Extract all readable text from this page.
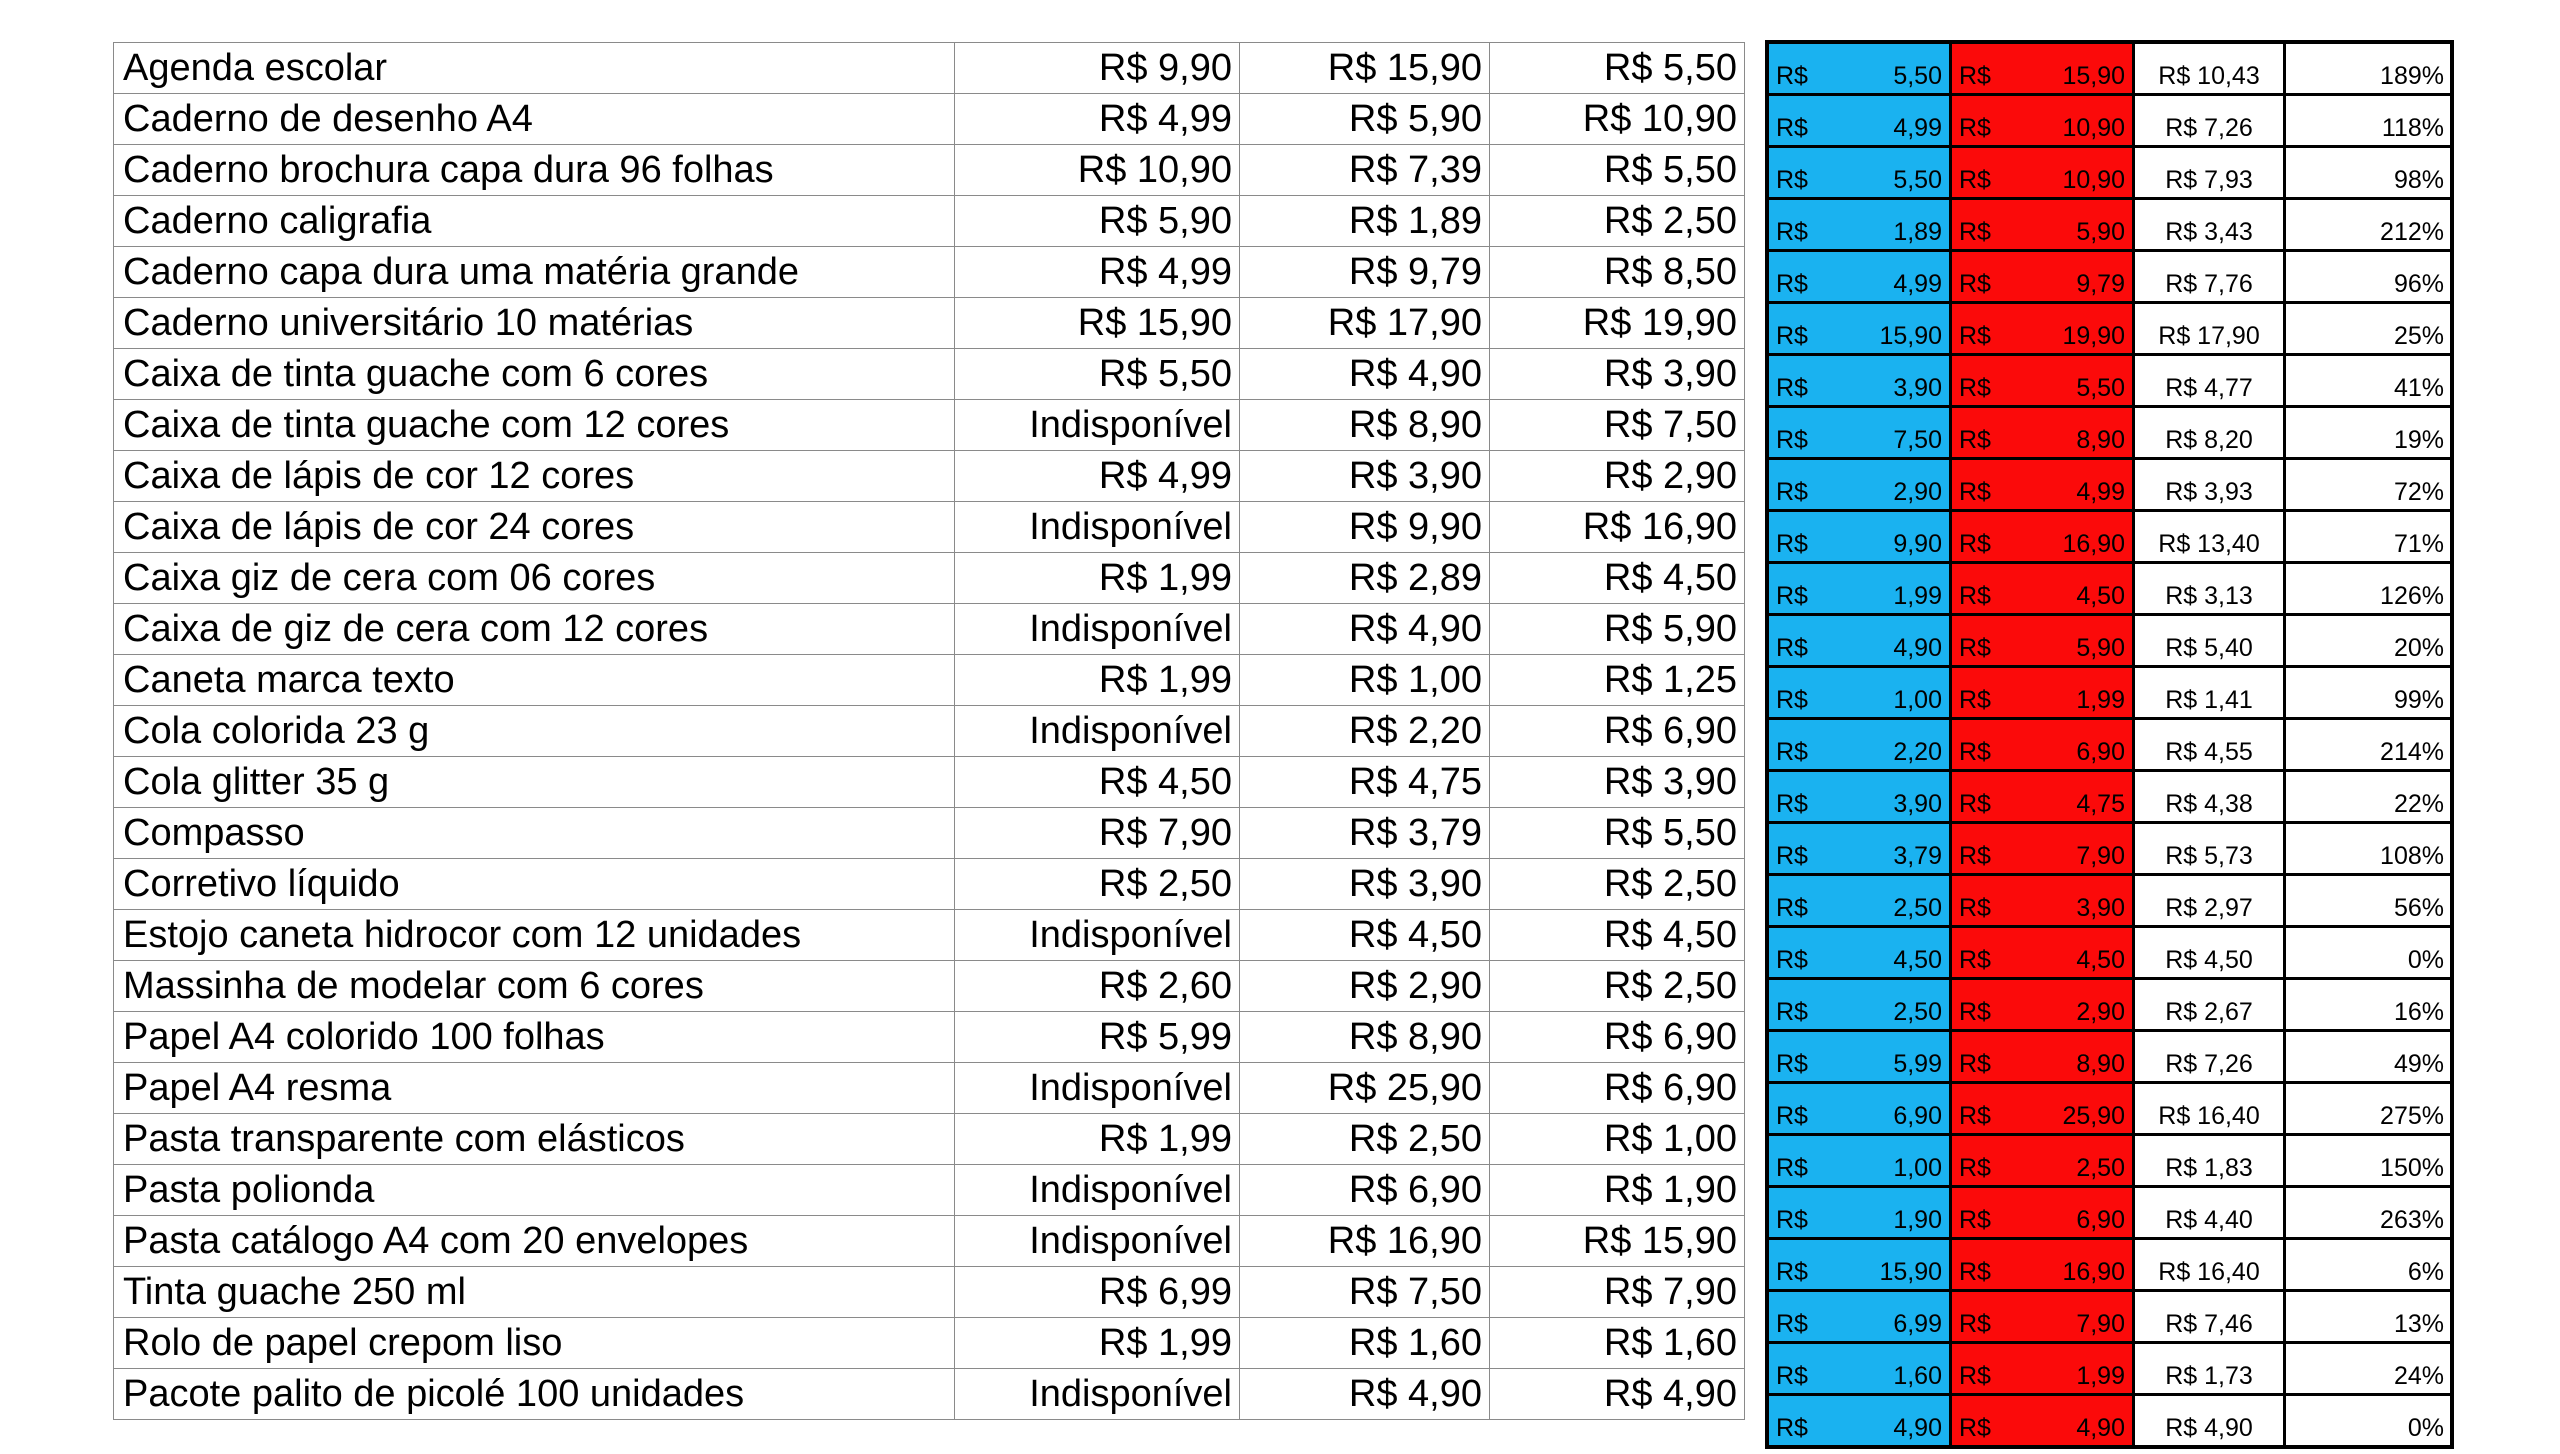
Agenda escolar	R$ 9,90	R$ 15,90	R$ 5,50
Caderno de desenho A4	R$ 4,99	R$ 5,90	R$ 10,90
Caderno brochura capa dura 96 folhas	R$ 10,90	R$ 7,39	R$ 5,50
Caderno caligrafia	R$ 5,90	R$ 1,89	R$ 2,50
Caderno capa dura uma matéria grande	R$ 4,99	R$ 9,79	R$ 8,50
Caderno universitário 10 matérias	R$ 15,90	R$ 17,90	R$ 19,90
Caixa de tinta guache com 6 cores	R$ 5,50	R$ 4,90	R$ 3,90
Caixa de tinta guache com 12 cores	Indisponível	R$ 8,90	R$ 7,50
Caixa de lápis de cor 12 cores	R$ 4,99	R$ 3,90	R$ 2,90
Caixa de lápis de cor 24 cores	Indisponível	R$ 9,90	R$ 16,90
Caixa giz de cera com 06 cores	R$ 1,99	R$ 2,89	R$ 4,50
Caixa de giz de cera com 12 cores	Indisponível	R$ 4,90	R$ 5,90
Caneta marca texto	R$ 1,99	R$ 1,00	R$ 1,25
Cola colorida 23 g	Indisponível	R$ 2,20	R$ 6,90
Cola glitter 35 g	R$ 4,50	R$ 4,75	R$ 3,90
Compasso	R$ 7,90	R$ 3,79	R$ 5,50
Corretivo líquido	R$ 2,50	R$ 3,90	R$ 2,50
Estojo caneta hidrocor com 12 unidades	Indisponível	R$ 4,50	R$ 4,50
Massinha de modelar com 6 cores	R$ 2,60	R$ 2,90	R$ 2,50
Papel A4 colorido 100 folhas	R$ 5,99	R$ 8,90	R$ 6,90
Papel A4 resma	Indisponível	R$ 25,90	R$ 6,90
Pasta transparente com elásticos	R$ 1,99	R$ 2,50	R$ 1,00
Pasta polionda	Indisponível	R$ 6,90	R$ 1,90
Pasta catálogo A4 com 20 envelopes	Indisponível	R$ 16,90	R$ 15,90
Tinta guache 250 ml	R$ 6,99	R$ 7,50	R$ 7,90
Rolo de papel crepom liso	R$ 1,99	R$ 1,60	R$ 1,60
Pacote palito de picolé 100 unidades	Indisponível	R$ 4,90	R$ 4,90
R$ 5,50	R$ 15,90	R$ 10,43	189%

R$ 4,99	R$ 10,90	R$ 7,26	118%

R$ 5,50	R$ 10,90	R$ 7,93	98%

R$ 1,89	R$ 5,90	R$ 3,43	212%

R$ 4,99	R$ 9,79	R$ 7,76	96%

R$ 15,90	R$ 19,90	R$ 17,90	25%

R$ 3,90	R$ 5,50	R$ 4,77	41%

R$ 7,50	R$ 8,90	R$ 8,20	19%

R$ 2,90	R$ 4,99	R$ 3,93	72%

R$ 9,90	R$ 16,90	R$ 13,40	71%

R$ 1,99	R$ 4,50	R$ 3,13	126%

R$ 4,90	R$ 5,90	R$ 5,40	20%

R$ 1,00	R$ 1,99	R$ 1,41	99%

R$ 2,20	R$ 6,90	R$ 4,55	214%

R$ 3,90	R$ 4,75	R$ 4,38	22%

R$ 3,79	R$ 7,90	R$ 5,73	108%

R$ 2,50	R$ 3,90	R$ 2,97	56%

R$ 4,50	R$ 4,50	R$ 4,50	0%

R$ 2,50	R$ 2,90	R$ 2,67	16%

R$ 5,99	R$ 8,90	R$ 7,26	49%

R$ 6,90	R$ 25,90	R$ 16,40	275%

R$ 1,00	R$ 2,50	R$ 1,83	150%

R$ 1,90	R$ 6,90	R$ 4,40	263%

R$ 15,90	R$ 16,90	R$ 16,40	6%

R$ 6,99	R$ 7,90	R$ 7,46	13%

R$ 1,60	R$ 1,99	R$ 1,73	24%

R$ 4,90	R$ 4,90	R$ 4,90	0%
